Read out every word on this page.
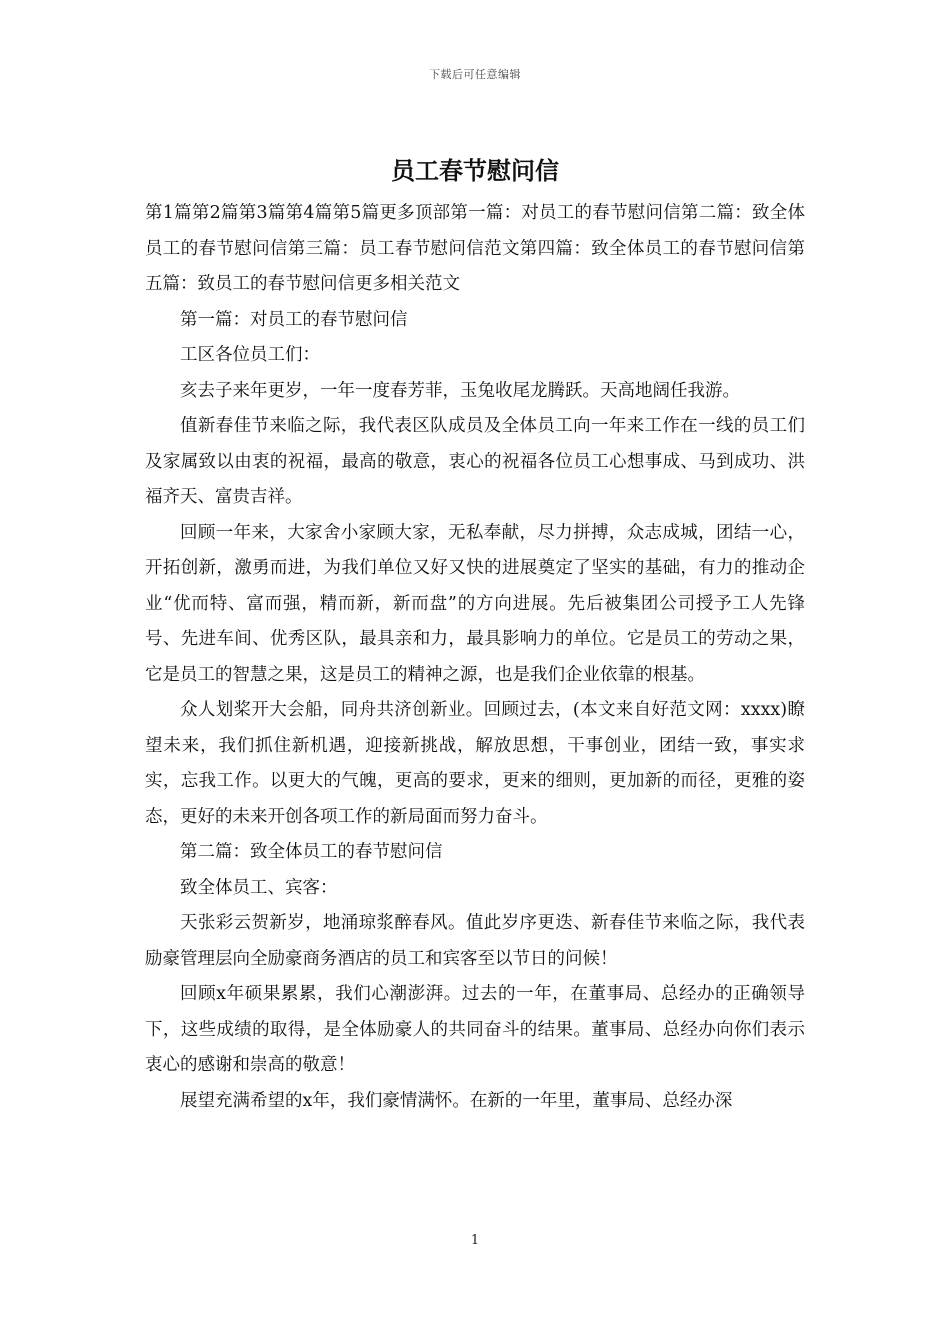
下载后可任意编辑
员工春节慰问信

第1篇第2篇第3篇第4篇第5篇更多顶部第一篇：对员工的春节慰问信第二篇：致全体员工的春节慰问信第三篇：员工春节慰问信范文第四篇：致全体员工的春节慰问信第五篇：致员工的春节慰问信更多相关范文

第一篇：对员工的春节慰问信

工区各位员工们：

亥去子来年更岁，一年一度春芳菲，玉兔收尾龙腾跃。天高地阔任我游。

值新春佳节来临之际，我代表区队成员及全体员工向一年来工作在一线的员工们及家属致以由衷的祝福，最高的敬意，衷心的祝福各位员工心想事成、马到成功、洪福齐天、富贵吉祥。

回顾一年来，大家舍小家顾大家，无私奉献，尽力拼搏，众志成城，团结一心，开拓创新，激勇而进，为我们单位又好又快的进展奠定了坚实的基础，有力的推动企业“优而特、富而强，精而新，新而盘”的方向进展。先后被集团公司授予工人先锋号、先进车间、优秀区队，最具亲和力，最具影响力的单位。它是员工的劳动之果，它是员工的智慧之果，这是员工的精神之源，也是我们企业依靠的根基。

众人划桨开大会船，同舟共济创新业。回顾过去，(本文来自好范文网：xxxx)瞭望未来，我们抓住新机遇，迎接新挑战，解放思想，干事创业，团结一致，事实求实，忘我工作。以更大的气魄，更高的要求，更来的细则，更加新的而径，更雅的姿态，更好的未来开创各项工作的新局面而努力奋斗。

第二篇：致全体员工的春节慰问信

致全体员工、宾客：

天张彩云贺新岁，地涌琼浆醉春风。值此岁序更迭、新春佳节来临之际，我代表励豪管理层向全励豪商务酒店的员工和宾客至以节日的问候！

回顾x年硕果累累，我们心潮澎湃。过去的一年，在董事局、总经办的正确领导下，这些成绩的取得，是全体励豪人的共同奋斗的结果。董事局、总经办向你们表示衷心的感谢和崇高的敬意！

展望充满希望的x年，我们豪情满怀。在新的一年里，董事局、总经办深

1
